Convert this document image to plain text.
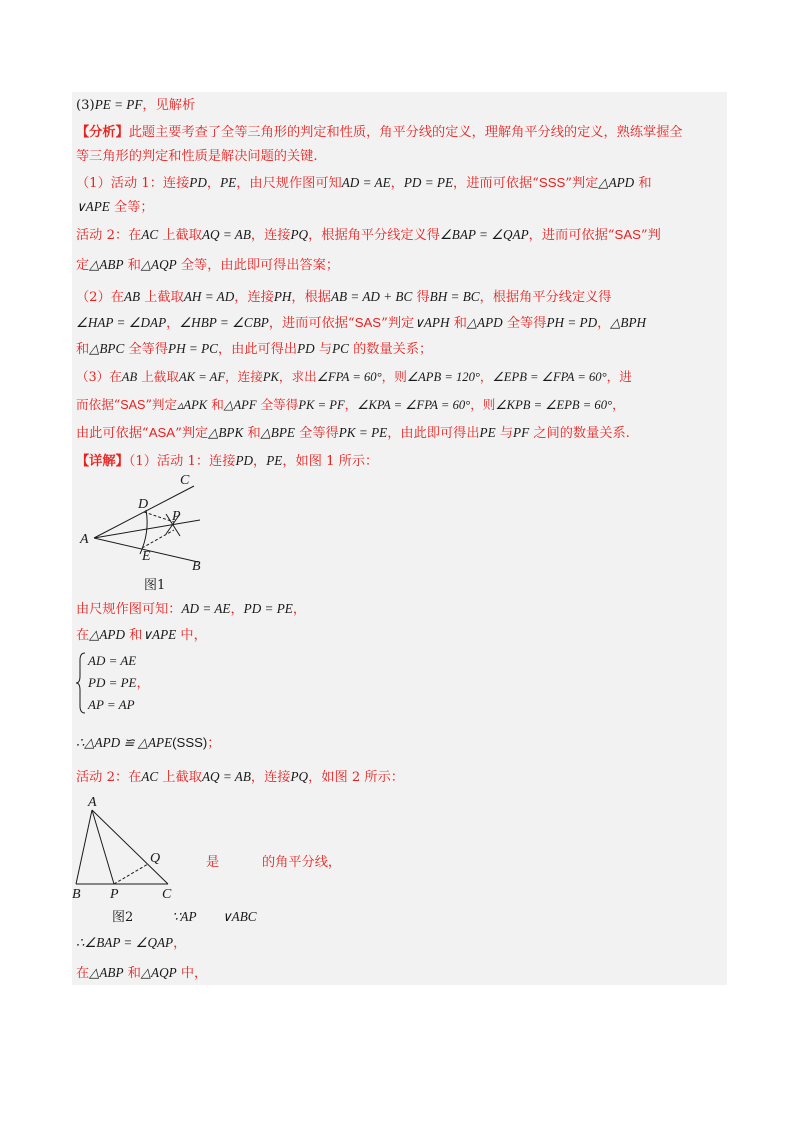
(3)PE = PF，见解析
【分析】此题主要考查了全等三角形的判定和性质，角平分线的定义，理解角平分线的定义，熟练掌握全
等三角形的判定和性质是解决问题的关键.
（1）活动 1：连接PD，PE，由尺规作图可知AD = AE，PD = PE，进而可依据“SSS”判定△APD 和
∨APE 全等；
活动 2：在AC 上截取AQ = AB，连接PQ，根据角平分线定义得∠BAP = ∠QAP，进而可依据“SAS”判
定△ABP 和△AQP 全等，由此即可得出答案；
（2）在AB 上截取AH = AD，连接PH，根据AB = AD + BC 得BH = BC，根据角平分线定义得
∠HAP = ∠DAP，∠HBP = ∠CBP，进而可依据“SAS”判定∨APH 和△APD 全等得PH = PD，△BPH
和△BPC 全等得PH = PC，由此可得出PD 与PC 的数量关系；
（3）在AB 上截取AK = AF，连接PK，求出∠FPA = 60°，则∠APB = 120°，∠EPB = ∠FPA = 60°，进
而依据“SAS”判定▵APK 和△APF 全等得PK = PF，∠KPA = ∠FPA = 60°，则∠KPB = ∠EPB = 60°，
由此可依据“ASA”判定△BPK 和△BPE 全等得PK = PE，由此即可得出PE 与PF 之间的数量关系.
【详解】（1）活动 1：连接PD，PE，如图 1 所示：
C
D
P
A
E
B
图1
由尺规作图可知：AD = AE，PD = PE，
在△APD 和∨APE 中，
AD = AE
PD = PE，
AP = AP
∴△APD ≌ △APE(SSS)；
活动 2：在AC 上截取AQ = AB，连接PQ，如图 2 所示：
A
Q
B P	C
图2
是	的角平分线，
∵AP ∨ABC
∴∠BAP = ∠QAP，
在△ABP 和△AQP 中，
